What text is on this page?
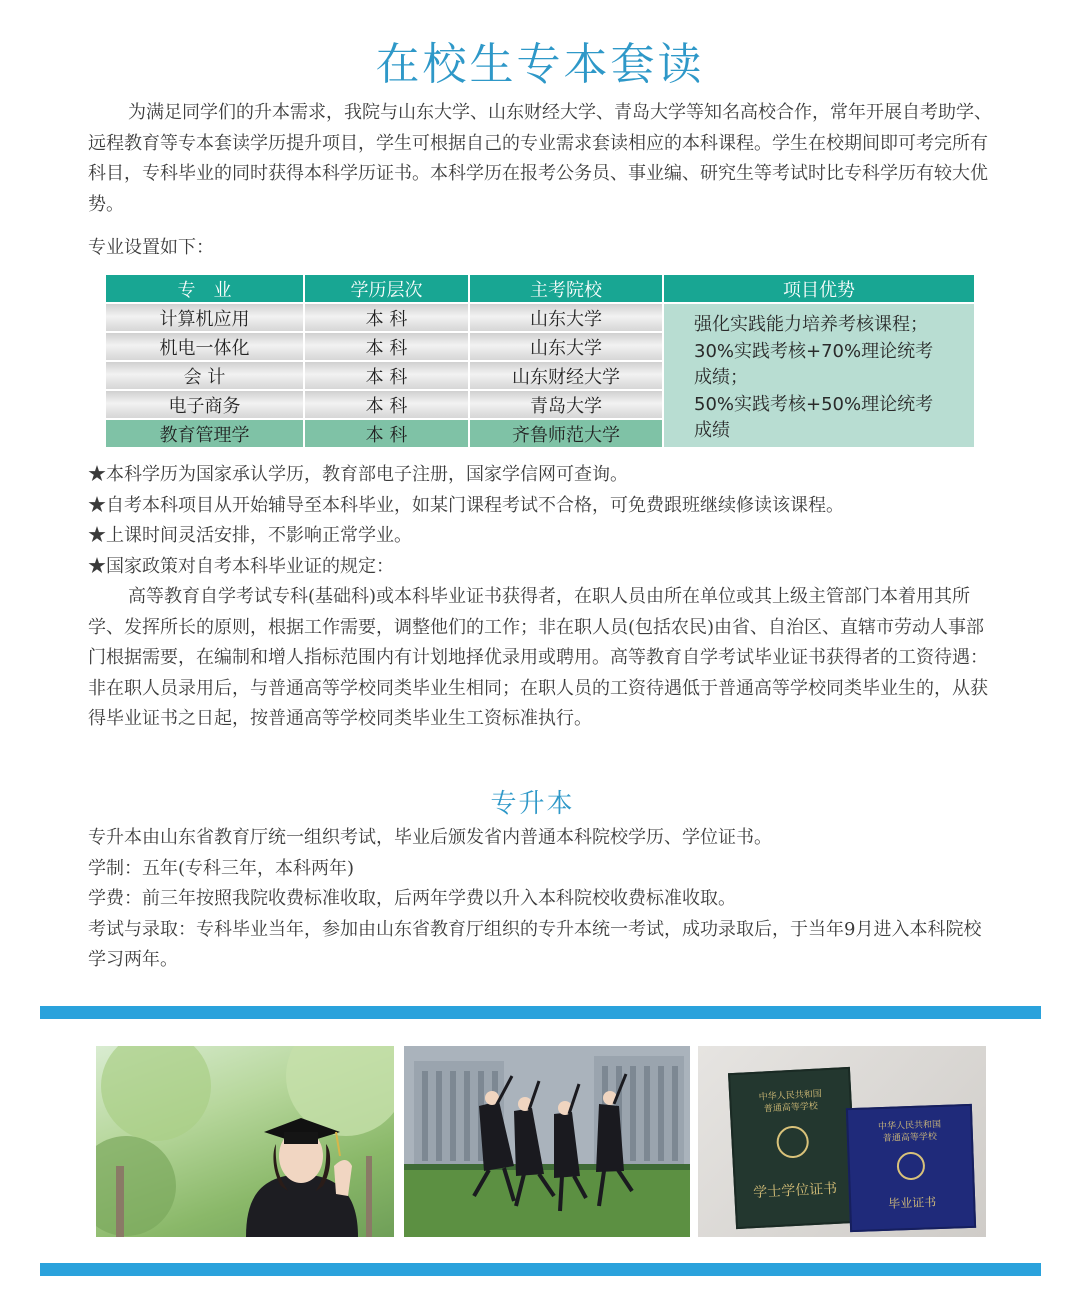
在校生专本套读
为满足同学们的升本需求，我院与山东大学、山东财经大学、青岛大学等知名高校合作，常年开展自考助学、远程教育等专本套读学历提升项目，学生可根据自己的专业需求套读相应的本科课程。学生在校期间即可考完所有科目，专科毕业的同时获得本科学历证书。本科学历在报考公务员、事业编、研究生等考试时比专科学历有较大优势。
专业设置如下：
专　业	学历层次	主考院校	项目优势
计算机应用	本 科	山东大学	强化实践能力培养考核课程；
30%实践考核+70%理论统考
成绩；
50%实践考核+50%理论统考
成绩

机电一体化	本 科	山东大学	
会 计	本 科	山东财经大学	
电子商务	本 科	青岛大学	
教育管理学	本 科	齐鲁师范大学	

★本科学历为国家承认学历，教育部电子注册，国家学信网可查询。

★自考本科项目从开始辅导至本科毕业，如某门课程考试不合格，可免费跟班继续修读该课程。

★上课时间灵活安排，不影响正常学业。

★国家政策对自考本科毕业证的规定：

高等教育自学考试专科(基础科)或本科毕业证书获得者，在职人员由所在单位或其上级主管部门本着用其所学、发挥所长的原则，根据工作需要，调整他们的工作；非在职人员(包括农民)由省、自治区、直辖市劳动人事部门根据需要，在编制和增人指标范围内有计划地择优录用或聘用。高等教育自学考试毕业证书获得者的工资待遇：非在职人员录用后，与普通高等学校同类毕业生相同；在职人员的工资待遇低于普通高等学校同类毕业生的，从获得毕业证书之日起，按普通高等学校同类毕业生工资标准执行。

专升本

专升本由山东省教育厅统一组织考试，毕业后颁发省内普通本科院校学历、学位证书。

学制：五年(专科三年，本科两年)

学费：前三年按照我院收费标准收取，后两年学费以升入本科院校收费标准收取。

考试与录取：专科毕业当年，参加由山东省教育厅组织的专升本统一考试，成功录取后，于当年9月进入本科院校学习两年。

中华人民共和国
普通高等学校
学士学位证书
中华人民共和国
普通高等学校
毕业证书
